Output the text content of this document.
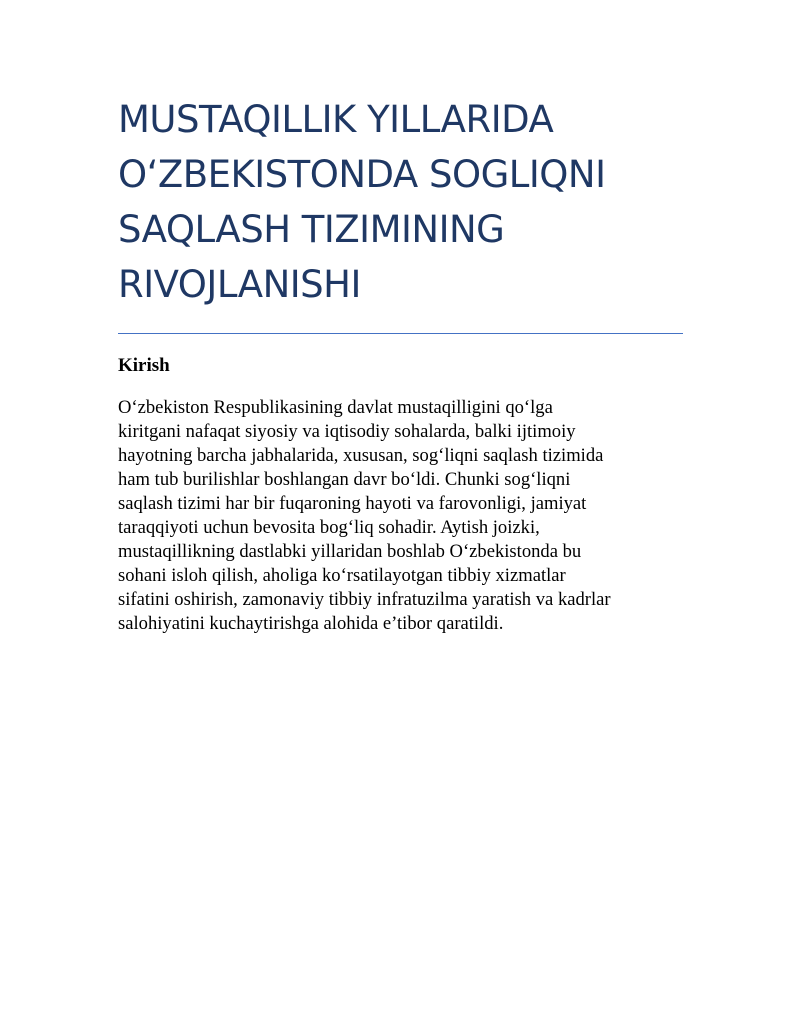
MUSTAQILLIK YILLARIDA
O‘ZBEKISTONDA SOGLIQNI
SAQLASH TIZIMINING
RIVOJLANISHI
Kirish

O‘zbekiston Respublikasining davlat mustaqilligini qo‘lga
kiritgani nafaqat siyosiy va iqtisodiy sohalarda, balki ijtimoiy
hayotning barcha jabhalarida, xususan, sog‘liqni saqlash tizimida
ham tub burilishlar boshlangan davr bo‘ldi. Chunki sog‘liqni
saqlash tizimi har bir fuqaroning hayoti va farovonligi, jamiyat
taraqqiyoti uchun bevosita bog‘liq sohadir. Aytish joizki,
mustaqillikning dastlabki yillaridan boshlab O‘zbekistonda bu
sohani isloh qilish, aholiga ko‘rsatilayotgan tibbiy xizmatlar
sifatini oshirish, zamonaviy tibbiy infratuzilma yaratish va kadrlar
salohiyatini kuchaytirishga alohida e’tibor qaratildi.
